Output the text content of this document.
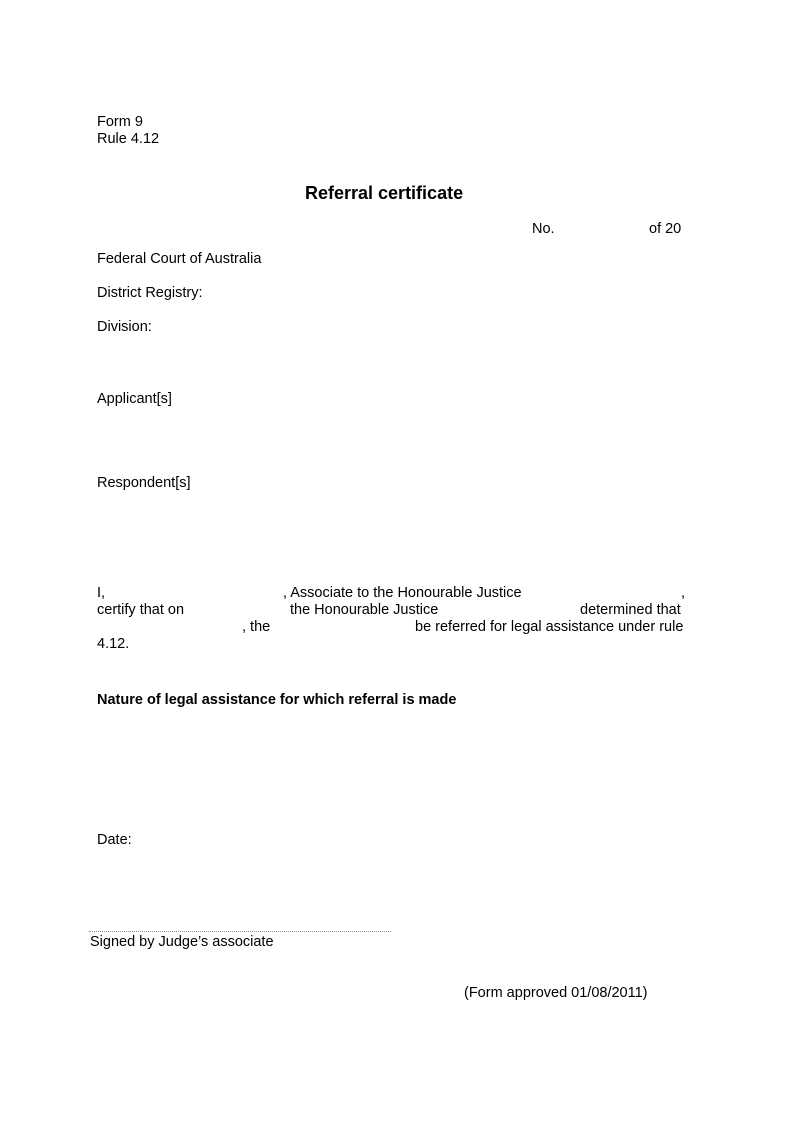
Form 9
Rule 4.12
Referral certificate
No.	of 20
Federal Court of Australia
District Registry:
Division:
Applicant[s]
Respondent[s]
I,	, Associate to the Honourable Justice	,
certify that on	the Honourable Justice	determined that
, the	be referred for legal assistance under rule
4.12.
Nature of legal assistance for which referral is made
Date:
Signed by Judge’s associate
(Form approved 01/08/2011)
